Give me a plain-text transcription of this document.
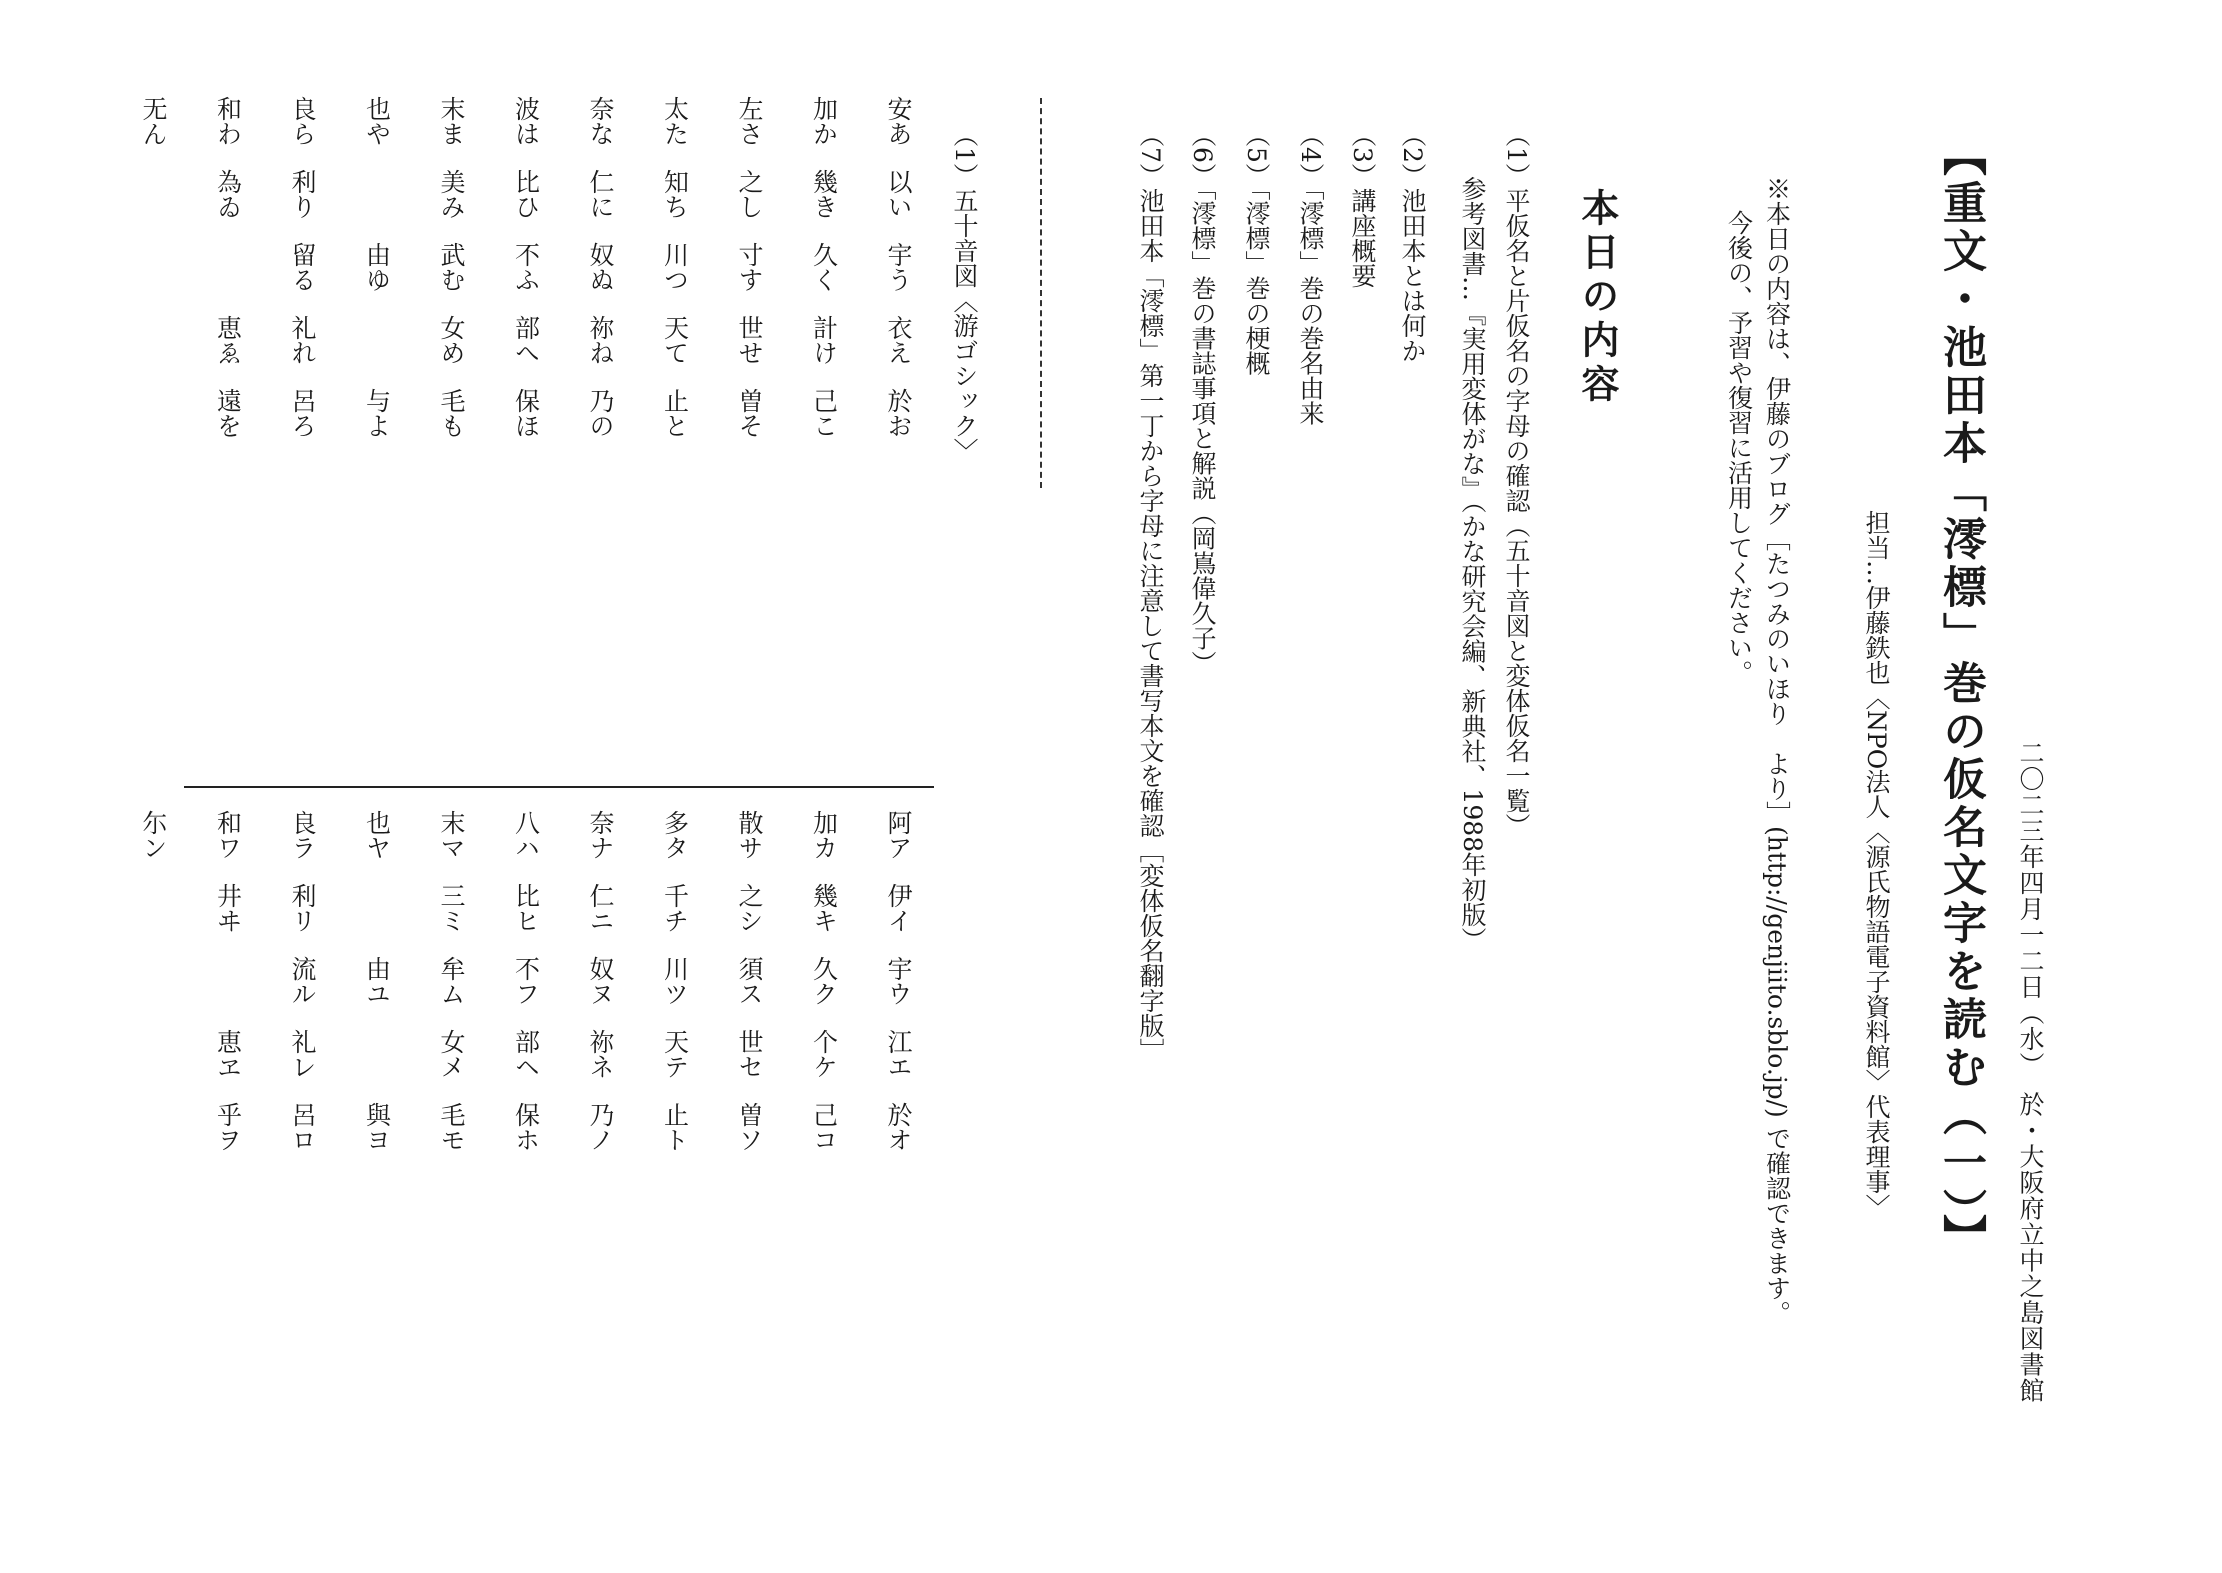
【重文・池田本「澪標」巻の仮名文字を読む（一）】 二〇二三年四月一二日（水）　於・大阪府立中之島図書館
担当…伊藤鉄也〈NPO法人〈源氏物語電子資料館〉代表理事〉
※本日の内容は、伊藤のブログ［たつみのいほり　より］(http://genjiito.sblo.jp/) で確認できます。
今後の、予習や復習に活用してください。
本日の内容
（1）平仮名と片仮名の字母の確認（五十音図と変体仮名一覧）
参考図書…『実用変体がな』（かな研究会編、新典社、1988年初版）
（2）池田本とは何か
（3）講座概要
（4）「澪標」巻の巻名由来
（5）「澪標」巻の梗概
（6）「澪標」巻の書誌事項と解説（岡嶌偉久子）
（7）池田本「澪標」第一丁から字母に注意して書写本文を確認［変体仮名翻字版］
（1）五十音図〈游ゴシック〉
安あ
以い
宇う
衣え
於お
加か
幾き
久く
計け
己こ
左さ
之し
寸す
世せ
曽そ
太た
知ち
川つ
天て
止と
奈な
仁に
奴ぬ
祢ね
乃の
波は
比ひ
不ふ
部へ
保ほ
末ま
美み
武む
女め
毛も
也や
由ゆ
与よ
良ら
利り
留る
礼れ
呂ろ
和わ
為ゐ
恵ゑ
遠を
无ん
阿ア
伊イ
宇ウ
江エ
於オ
加カ
幾キ
久ク
个ケ
己コ
散サ
之シ
須ス
世セ
曽ソ
多タ
千チ
川ツ
天テ
止ト
奈ナ
仁ニ
奴ヌ
祢ネ
乃ノ
八ハ
比ヒ
不フ
部ヘ
保ホ
末マ
三ミ
牟ム
女メ
毛モ
也ヤ
由ユ
與ヨ
良ラ
利リ
流ル
礼レ
呂ロ
和ワ
井ヰ
恵ヱ
乎ヲ
尓ン
